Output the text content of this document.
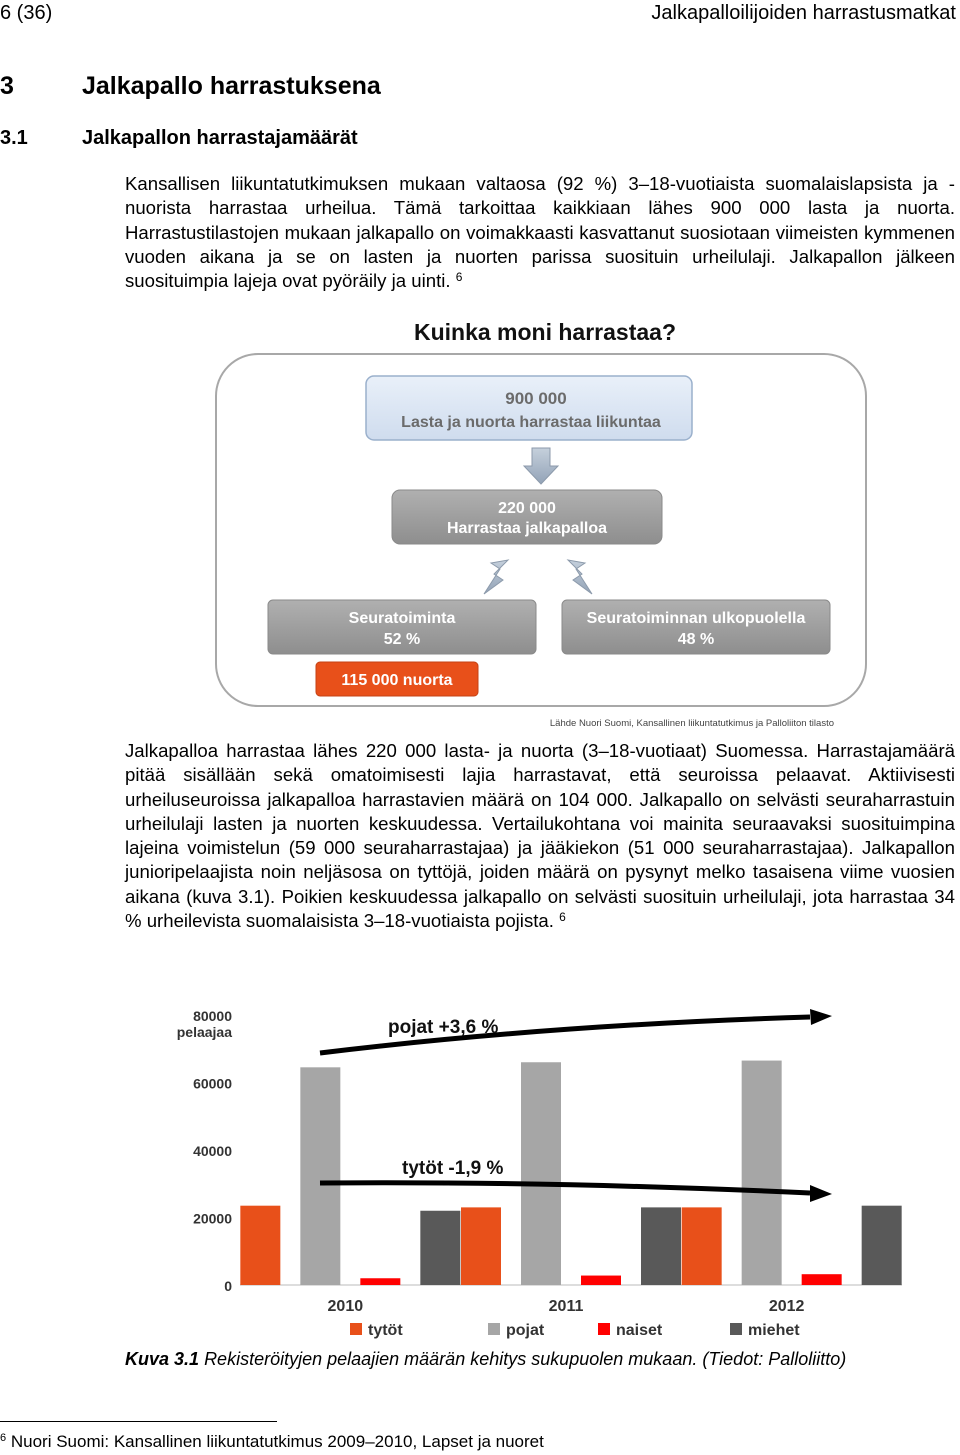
6 (36)	Jalkapalloilijoiden harrastusmatkat
3	Jalkapallo harrastuksena
3.1	Jalkapallon harrastajamäärät
Kansallisen liikuntatutkimuksen mukaan valtaosa (92 %) 3–18-vuotiaista suomalaislapsista ja -nuorista harrastaa urheilua. Tämä tarkoittaa kaikkiaan lähes 900 000 lasta ja nuorta. Harrastustilastojen mukaan jalkapallo on voimakkaasti kasvattanut suosiotaan viimeisten kymmenen vuoden aikana ja se on lasten ja nuorten parissa suosituin urheilulaji. Jalkapallon jälkeen suosituimpia lajeja ovat pyöräily ja uinti. $^6$
Kuinka moni harrastaa?
900 000
Lasta ja nuorta harrastaa liikuntaa
220 000
Harrastaa jalkapalloa
Seuratoiminta
52 %
Seuratoiminnan ulkopuolella
48 %
115 000 nuorta
Lähde Nuori Suomi, Kansallinen liikuntatutkimus ja Palloliiton tilasto
Jalkapalloa harrastaa lähes 220 000 lasta- ja nuorta (3–18-vuotiaat) Suomessa. Harrastajamäärä pitää sisällään sekä omatoimisesti lajia harrastavat, että seuroissa pelaavat. Aktiivisesti urheiluseuroissa jalkapalloa harrastavien määrä on 104 000. Jalkapallo on selvästi seuraharrastuin urheilulaji lasten ja nuorten keskuudessa. Vertailukohtana voi mainita seuraavaksi suosituimpina lajeina voimistelun (59 000 seuraharrastajaa) ja jääkiekon (51 000 seuraharrastajaa). Jalkapallon junioripelaajista noin neljäsosa on tyttöjä, joiden määrä on pysynyt melko tasaisena viime vuosien aikana (kuva 3.1). Poikien keskuudessa jalkapallo on selvästi suosituin urheilulaji, jota harrastaa 34 % urheilevista suomalaisista 3–18-vuotiaista pojista. $^6$
80000
60000
40000
20000
0
pelaajaa
2010	2011	2012
pojat +3,6 %
tytöt -1,9 %
tytöt	pojat	naiset	miehet
Kuva 3.1 Rekisteröityjen pelaajien määrän kehitys sukupuolen mukaan. (Tiedot: Palloliitto)
$^6$ Nuori Suomi: Kansallinen liikuntatutkimus 2009–2010, Lapset ja nuoret
